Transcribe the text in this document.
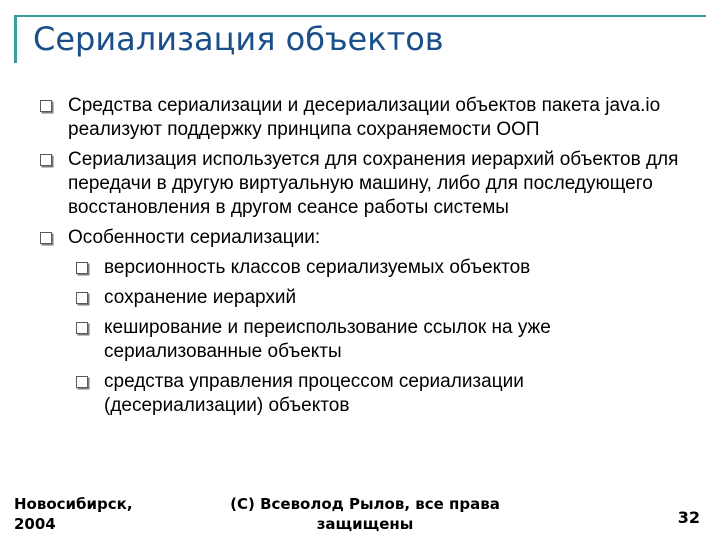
Сериализация объектов
Средства сериализации и десериализации объектов пакета java.io реализуют поддержку принципа сохраняемости ООП
Сериализация используется для сохранения иерархий объектов для передачи в другую виртуальную машину, либо для последующего восстановления в другом сеансе работы системы
Особенности сериализации:
версионность классов сериализуемых объектов
сохранение иерархий
кеширование и переиспользование ссылок на уже сериализованные объекты
средства управления процессом сериализации (десериализации) объектов
Новосибирск,
2004
(C) Всеволод Рылов, все права защищены	32
